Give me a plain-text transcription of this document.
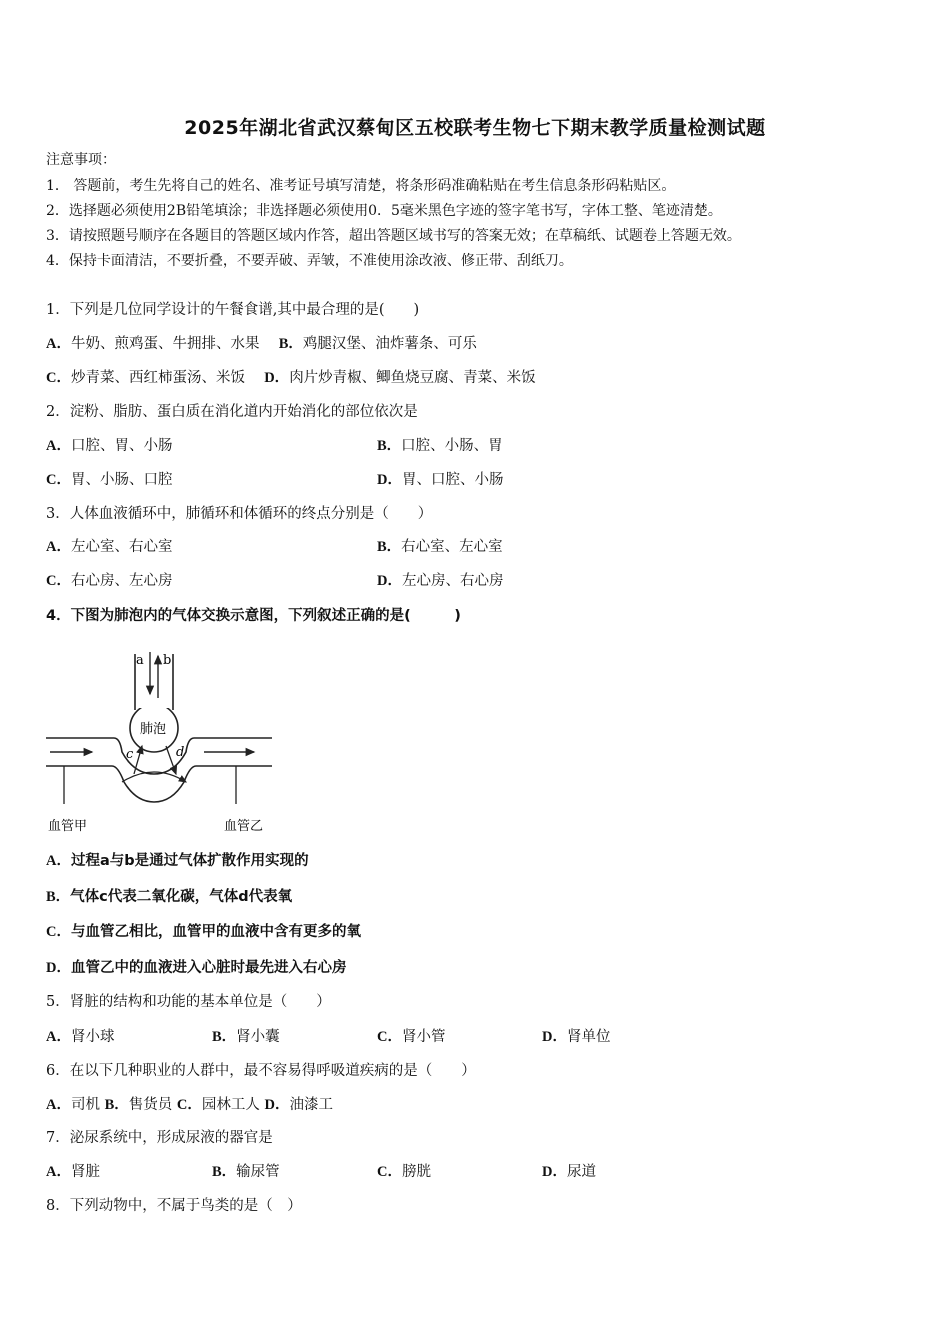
2025年湖北省武汉蔡甸区五校联考生物七下期末教学质量检测试题
注意事项：
1． 答题前，考生先将自己的姓名、准考证号填写清楚，将条形码准确粘贴在考生信息条形码粘贴区。
2．选择题必须使用2B铅笔填涂；非选择题必须使用0．5毫米黑色字迹的签字笔书写，字体工整、笔迹清楚。
3．请按照题号顺序在各题目的答题区域内作答，超出答题区域书写的答案无效；在草稿纸、试题卷上答题无效。
4．保持卡面清洁，不要折叠，不要弄破、弄皱，不准使用涂改液、修正带、刮纸刀。
1．下列是几位同学设计的午餐食谱,其中最合理的是(　　)
A．牛奶、煎鸡蛋、牛拥排、水果 B．鸡腿汉堡、油炸薯条、可乐
C．炒青菜、西红柿蛋汤、米饭 D．肉片炒青椒、鲫鱼烧豆腐、青菜、米饭
2．淀粉、脂肪、蛋白质在消化道内开始消化的部位依次是
A．口腔、胃、小肠	B．口腔、小肠、胃
C．胃、小肠、口腔	D．胃、口腔、小肠
3．人体血液循环中，肺循环和体循环的终点分别是（　　）
A．左心室、右心室	B．右心室、左心室
C．右心房、左心房	D．左心房、右心房
4．下图为肺泡内的气体交换示意图，下列叙述正确的是(　　　)
a b
肺泡
c	d
血管甲	血管乙
A．过程a与b是通过气体扩散作用实现的
B．气体c代表二氧化碳，气体d代表氧
C．与血管乙相比，血管甲的血液中含有更多的氧
D．血管乙中的血液进入心脏时最先进入右心房
5．肾脏的结构和功能的基本单位是（　　）
A．肾小球	B．肾小囊	C．肾小管	D．肾单位
6．在以下几种职业的人群中，最不容易得呼吸道疾病的是（　　）
A．司机 B．售货员 C．园林工人 D．油漆工
7．泌尿系统中，形成尿液的器官是
A．肾脏	B．输尿管	C．膀胱	D．尿道
8．下列动物中，不属于鸟类的是（　）
